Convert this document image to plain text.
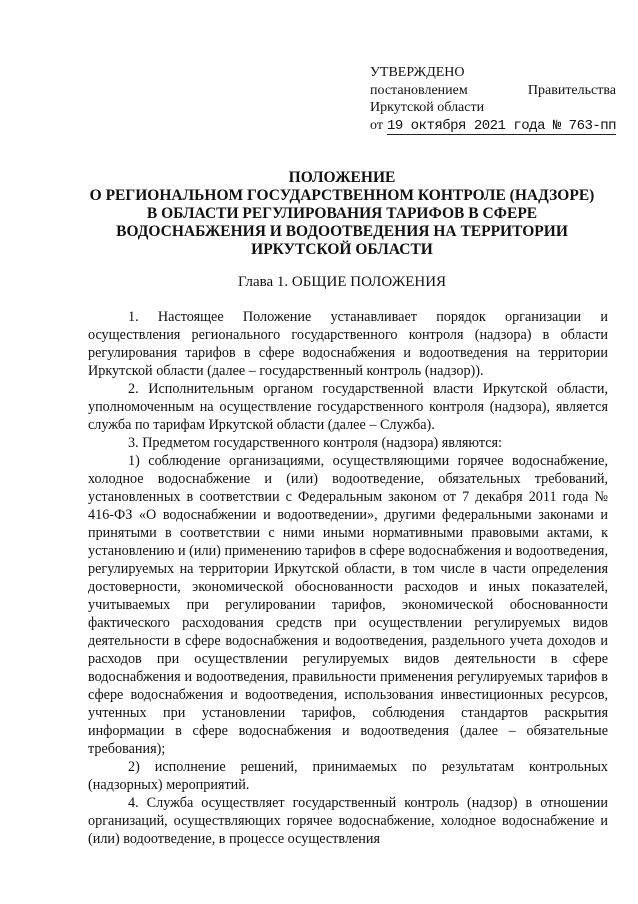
УТВЕРЖДЕНО
постановлением	Правительства
Иркутской области
от 19 октября 2021 года № 763-пп
ПОЛОЖЕНИЕ
О РЕГИОНАЛЬНОМ ГОСУДАРСТВЕННОМ КОНТРОЛЕ (НАДЗОРЕ)
В ОБЛАСТИ РЕГУЛИРОВАНИЯ ТАРИФОВ В СФЕРЕ
ВОДОСНАБЖЕНИЯ И ВОДООТВЕДЕНИЯ НА ТЕРРИТОРИИ
ИРКУТСКОЙ ОБЛАСТИ
Глава 1. ОБЩИЕ ПОЛОЖЕНИЯ

1. Настоящее Положение устанавливает порядок организации и осуществления регионального государственного контроля (надзора) в области регулирования тарифов в сфере водоснабжения и водоотведения на территории Иркутской области (далее – государственный контроль (надзор)).

2. Исполнительным органом государственной власти Иркутской области, уполномоченным на осуществление государственного контроля (надзора), является служба по тарифам Иркутской области (далее – Служба).

3. Предметом государственного контроля (надзора) являются:

1) соблюдение организациями, осуществляющими горячее водоснабжение, холодное водоснабжение и (или) водоотведение, обязательных требований, установленных в соответствии с Федеральным законом от 7 декабря 2011 года № 416-ФЗ «О водоснабжении и водоотведении», другими федеральными законами и принятыми в соответствии с ними иными нормативными правовыми актами, к установлению и (или) применению тарифов в сфере водоснабжения и водоотведения, регулируемых на территории Иркутской области, в том числе в части определения достоверности, экономической обоснованности расходов и иных показателей, учитываемых при регулировании тарифов, экономической обоснованности фактического расходования средств при осуществлении регулируемых видов деятельности в сфере водоснабжения и водоотведения, раздельного учета доходов и расходов при осуществлении регулируемых видов деятельности в сфере водоснабжения и водоотведения, правильности применения регулируемых тарифов в сфере водоснабжения и водоотведения, использования инвестиционных ресурсов, учтенных при установлении тарифов, соблюдения стандартов раскрытия информации в сфере водоснабжения и водоотведения (далее – обязательные требования);

2) исполнение решений, принимаемых по результатам контрольных (надзорных) мероприятий.

4. Служба осуществляет государственный контроль (надзор) в отношении организаций, осуществляющих горячее водоснабжение, холодное водоснабжение и (или) водоотведение, в процессе осуществления
